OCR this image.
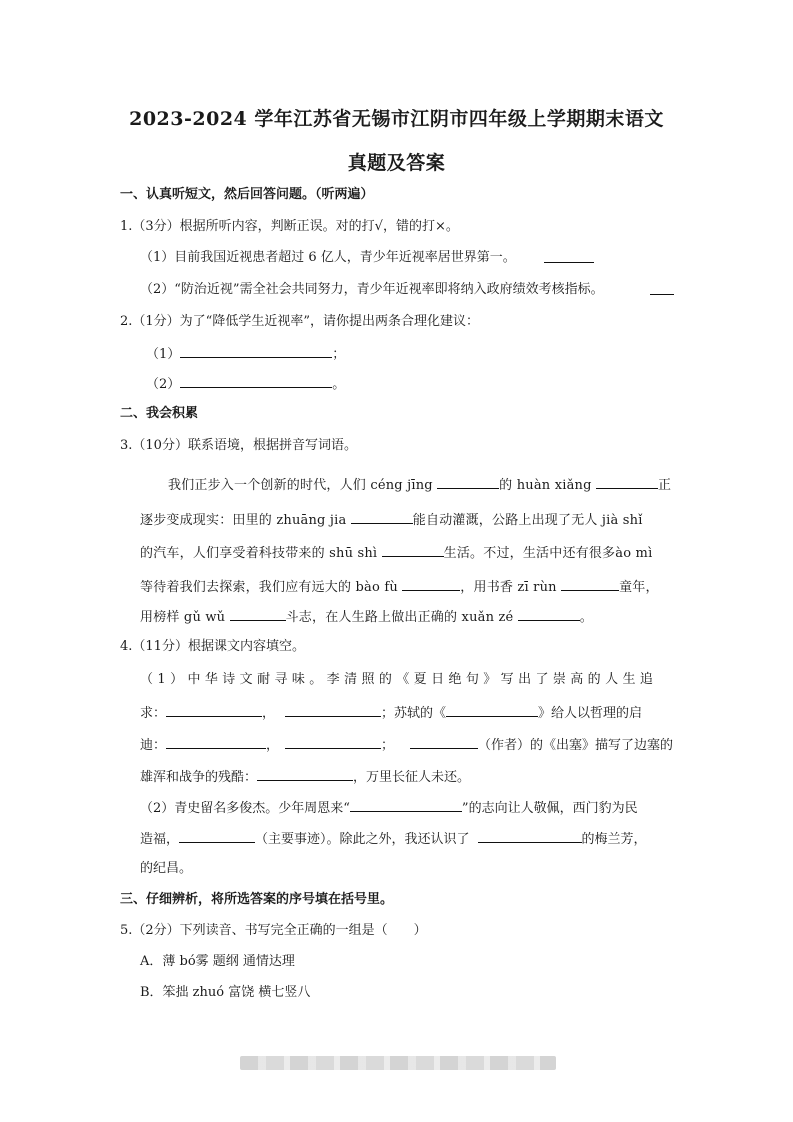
2023-2024 学年江苏省无锡市江阴市四年级上学期期末语文
真题及答案
一、认真听短文，然后回答问题。（听两遍）
1.（3分）根据所听内容，判断正误。对的打√，错的打×。
（1）目前我国近视患者超过 6 亿人，青少年近视率居世界第一。
（2）“防治近视”需全社会共同努力，青少年近视率即将纳入政府绩效考核指标。
2.（1分）为了“降低学生近视率”，请你提出两条合理化建议：
（1）	；
（2）	。
二、我会积累
3.（10分）联系语境，根据拼音写词语。
我们正步入一个创新的时代，人们 céng jīng	的 huàn xiǎng	正
逐步变成现实：田里的 zhuāng jia	能自动灌溉，公路上出现了无人 jià shǐ
的汽车，人们享受着科技带来的 shū shì	生活。不过，生活中还有很多ào mì
等待着我们去探索，我们应有远大的 bào fù	，用书香 zī rùn	童年，
用榜样 gǔ wǔ	斗志，在人生路上做出正确的 xuǎn zé	。
4.（11分）根据课文内容填空。
（1）中华诗文耐寻味。李清照的《夏日绝句》写出了崇高的人生追
求：	，	；苏轼的《	》给人以哲理的启
迪：	，	；	（作者）的《出塞》描写了边塞的
雄浑和战争的残酷：	，万里长征人未还。
（2）青史留名多俊杰。少年周恩来“	”的志向让人敬佩，西门豹为民
造福，	（主要事迹）。除此之外，我还认识了	的梅兰芳，
的纪昌。
三、仔细辨析，将所选答案的序号填在括号里。
5.（2分）下列读音、书写完全正确的一组是（　　）
A．薄 bó雾 题纲 通情达理
B．笨拙 zhuó 富饶 横七竖八
